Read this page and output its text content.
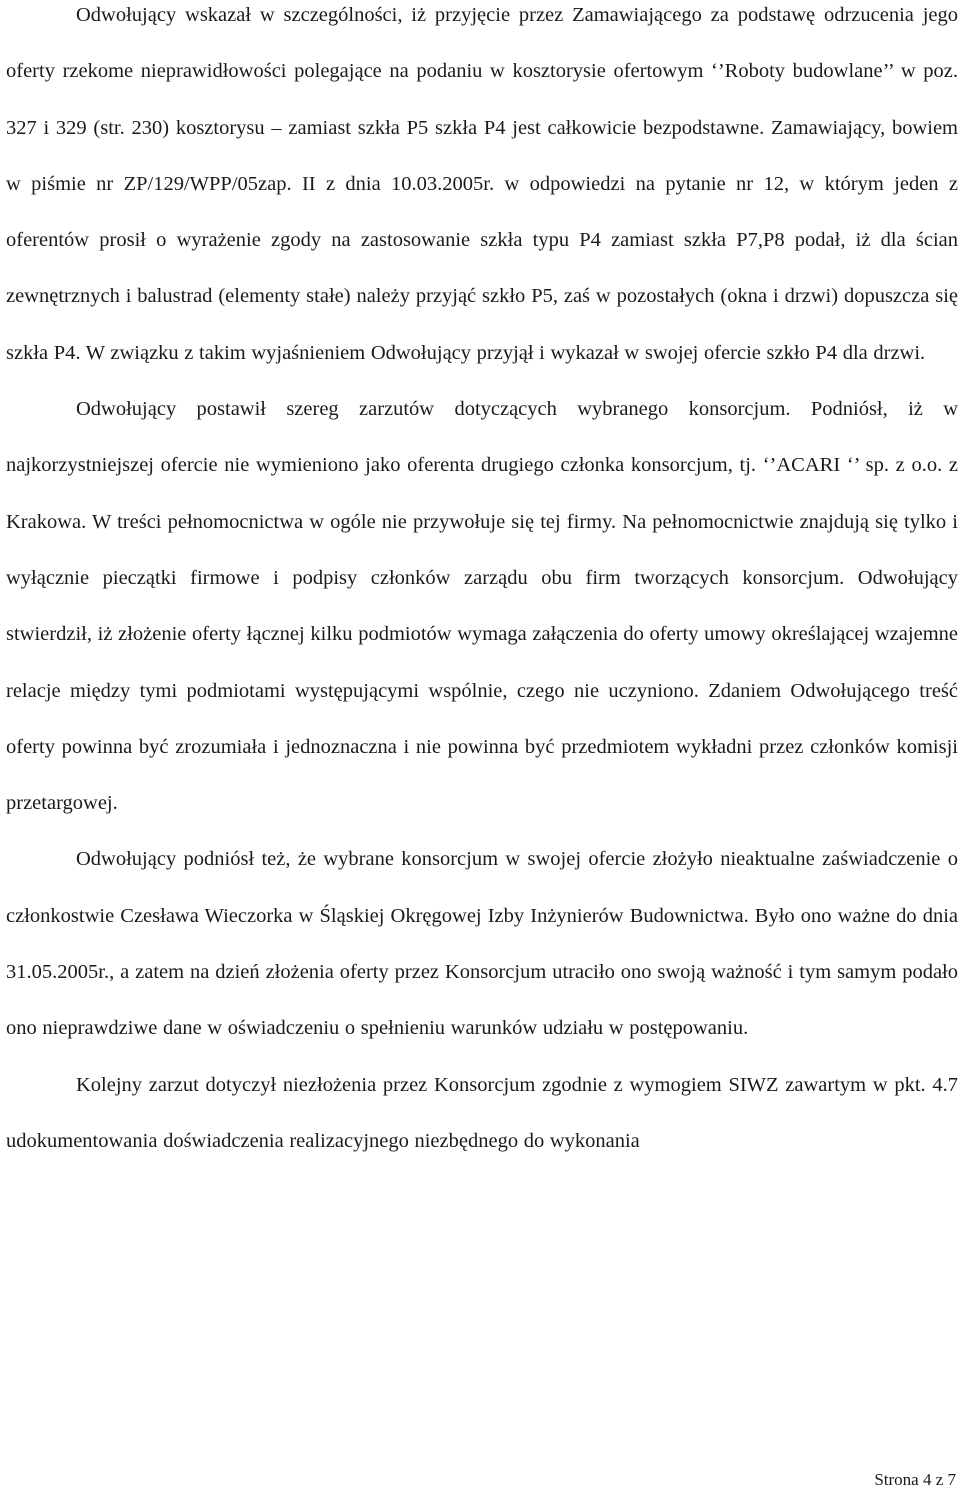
Odwołujący wskazał w szczególności, iż przyjęcie przez Zamawiającego za podstawę odrzucenia jego oferty rzekome nieprawidłowości polegające na podaniu w kosztorysie ofertowym ‘’Roboty budowlane’’ w poz. 327 i 329 (str. 230) kosztorysu – zamiast szkła P5 szkła P4 jest całkowicie bezpodstawne. Zamawiający, bowiem w piśmie nr ZP/129/WPP/05zap. II z dnia 10.03.2005r. w odpowiedzi na pytanie nr 12, w którym jeden z oferentów prosił o wyrażenie zgody na zastosowanie szkła typu P4 zamiast szkła P7,P8 podał, iż dla ścian zewnętrznych i balustrad (elementy stałe) należy przyjąć szkło P5, zaś w pozostałych (okna i drzwi) dopuszcza się szkła P4. W związku z takim wyjaśnieniem Odwołujący przyjął i wykazał w swojej ofercie szkło P4 dla drzwi.

Odwołujący postawił szereg zarzutów dotyczących wybranego konsorcjum. Podniósł, iż w najkorzystniejszej ofercie nie wymieniono jako oferenta drugiego członka konsorcjum, tj. ‘’ACARI ‘’ sp. z o.o. z Krakowa. W treści pełnomocnictwa w ogóle nie przywołuje się tej firmy. Na pełnomocnictwie znajdują się tylko i wyłącznie pieczątki firmowe i podpisy członków zarządu obu firm tworzących konsorcjum. Odwołujący stwierdził, iż złożenie oferty łącznej kilku podmiotów wymaga załączenia do oferty umowy określającej wzajemne relacje między tymi podmiotami występującymi wspólnie, czego nie uczyniono. Zdaniem Odwołującego treść oferty powinna być zrozumiała i jednoznaczna i nie powinna być przedmiotem wykładni przez członków komisji przetargowej.

Odwołujący podniósł też, że wybrane konsorcjum w swojej ofercie złożyło nieaktualne zaświadczenie o członkostwie Czesława Wieczorka w Śląskiej Okręgowej Izby Inżynierów Budownictwa. Było ono ważne do dnia 31.05.2005r., a zatem na dzień złożenia oferty przez Konsorcjum utraciło ono swoją ważność i tym samym podało ono nieprawdziwe dane w oświadczeniu o spełnieniu warunków udziału w postępowaniu.

Kolejny zarzut dotyczył niezłożenia przez Konsorcjum zgodnie z wymogiem SIWZ zawartym w pkt. 4.7 udokumentowania doświadczenia realizacyjnego niezbędnego do wykonania

Strona 4 z 7
